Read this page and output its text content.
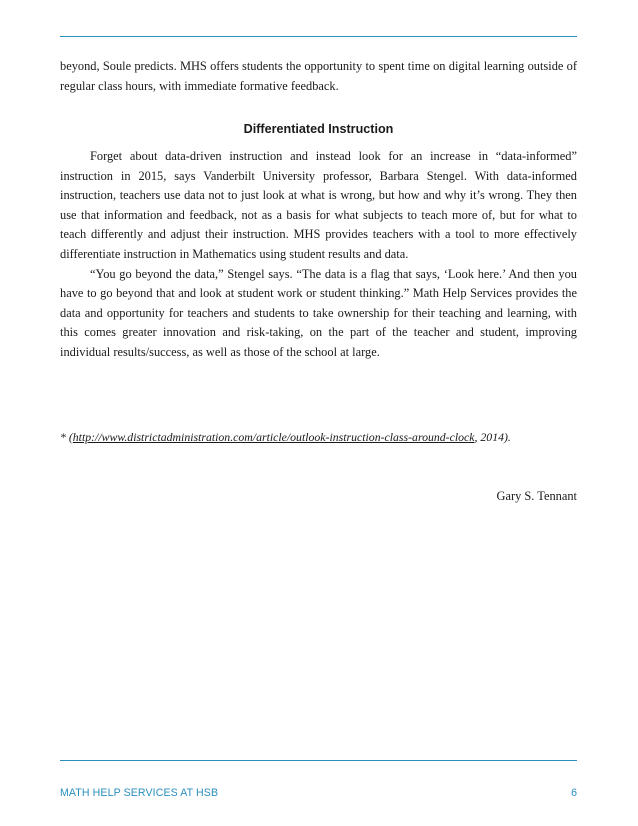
beyond, Soule predicts. MHS offers students the opportunity to spent time on digital learning outside of regular class hours, with immediate formative feedback.

Differentiated Instruction

Forget about data-driven instruction and instead look for an increase in “data-informed” instruction in 2015, says Vanderbilt University professor, Barbara Stengel. With data-informed instruction, teachers use data not to just look at what is wrong, but how and why it’s wrong. They then use that information and feedback, not as a basis for what subjects to teach more of, but for what to teach differently and adjust their instruction. MHS provides teachers with a tool to more effectively differentiate instruction in Mathematics using student results and data.

“You go beyond the data,” Stengel says. “The data is a flag that says, ‘Look here.’ And then you have to go beyond that and look at student work or student thinking.” Math Help Services provides the data and opportunity for teachers and students to take ownership for their teaching and learning, with this comes greater innovation and risk-taking, on the part of the teacher and student, improving individual results/success, as well as those of the school at large.

* (http://www.districtadministration.com/article/outlook-instruction-class-around-clock, 2014).
Gary S. Tennant
MATH HELP SERVICES AT HSB	6
